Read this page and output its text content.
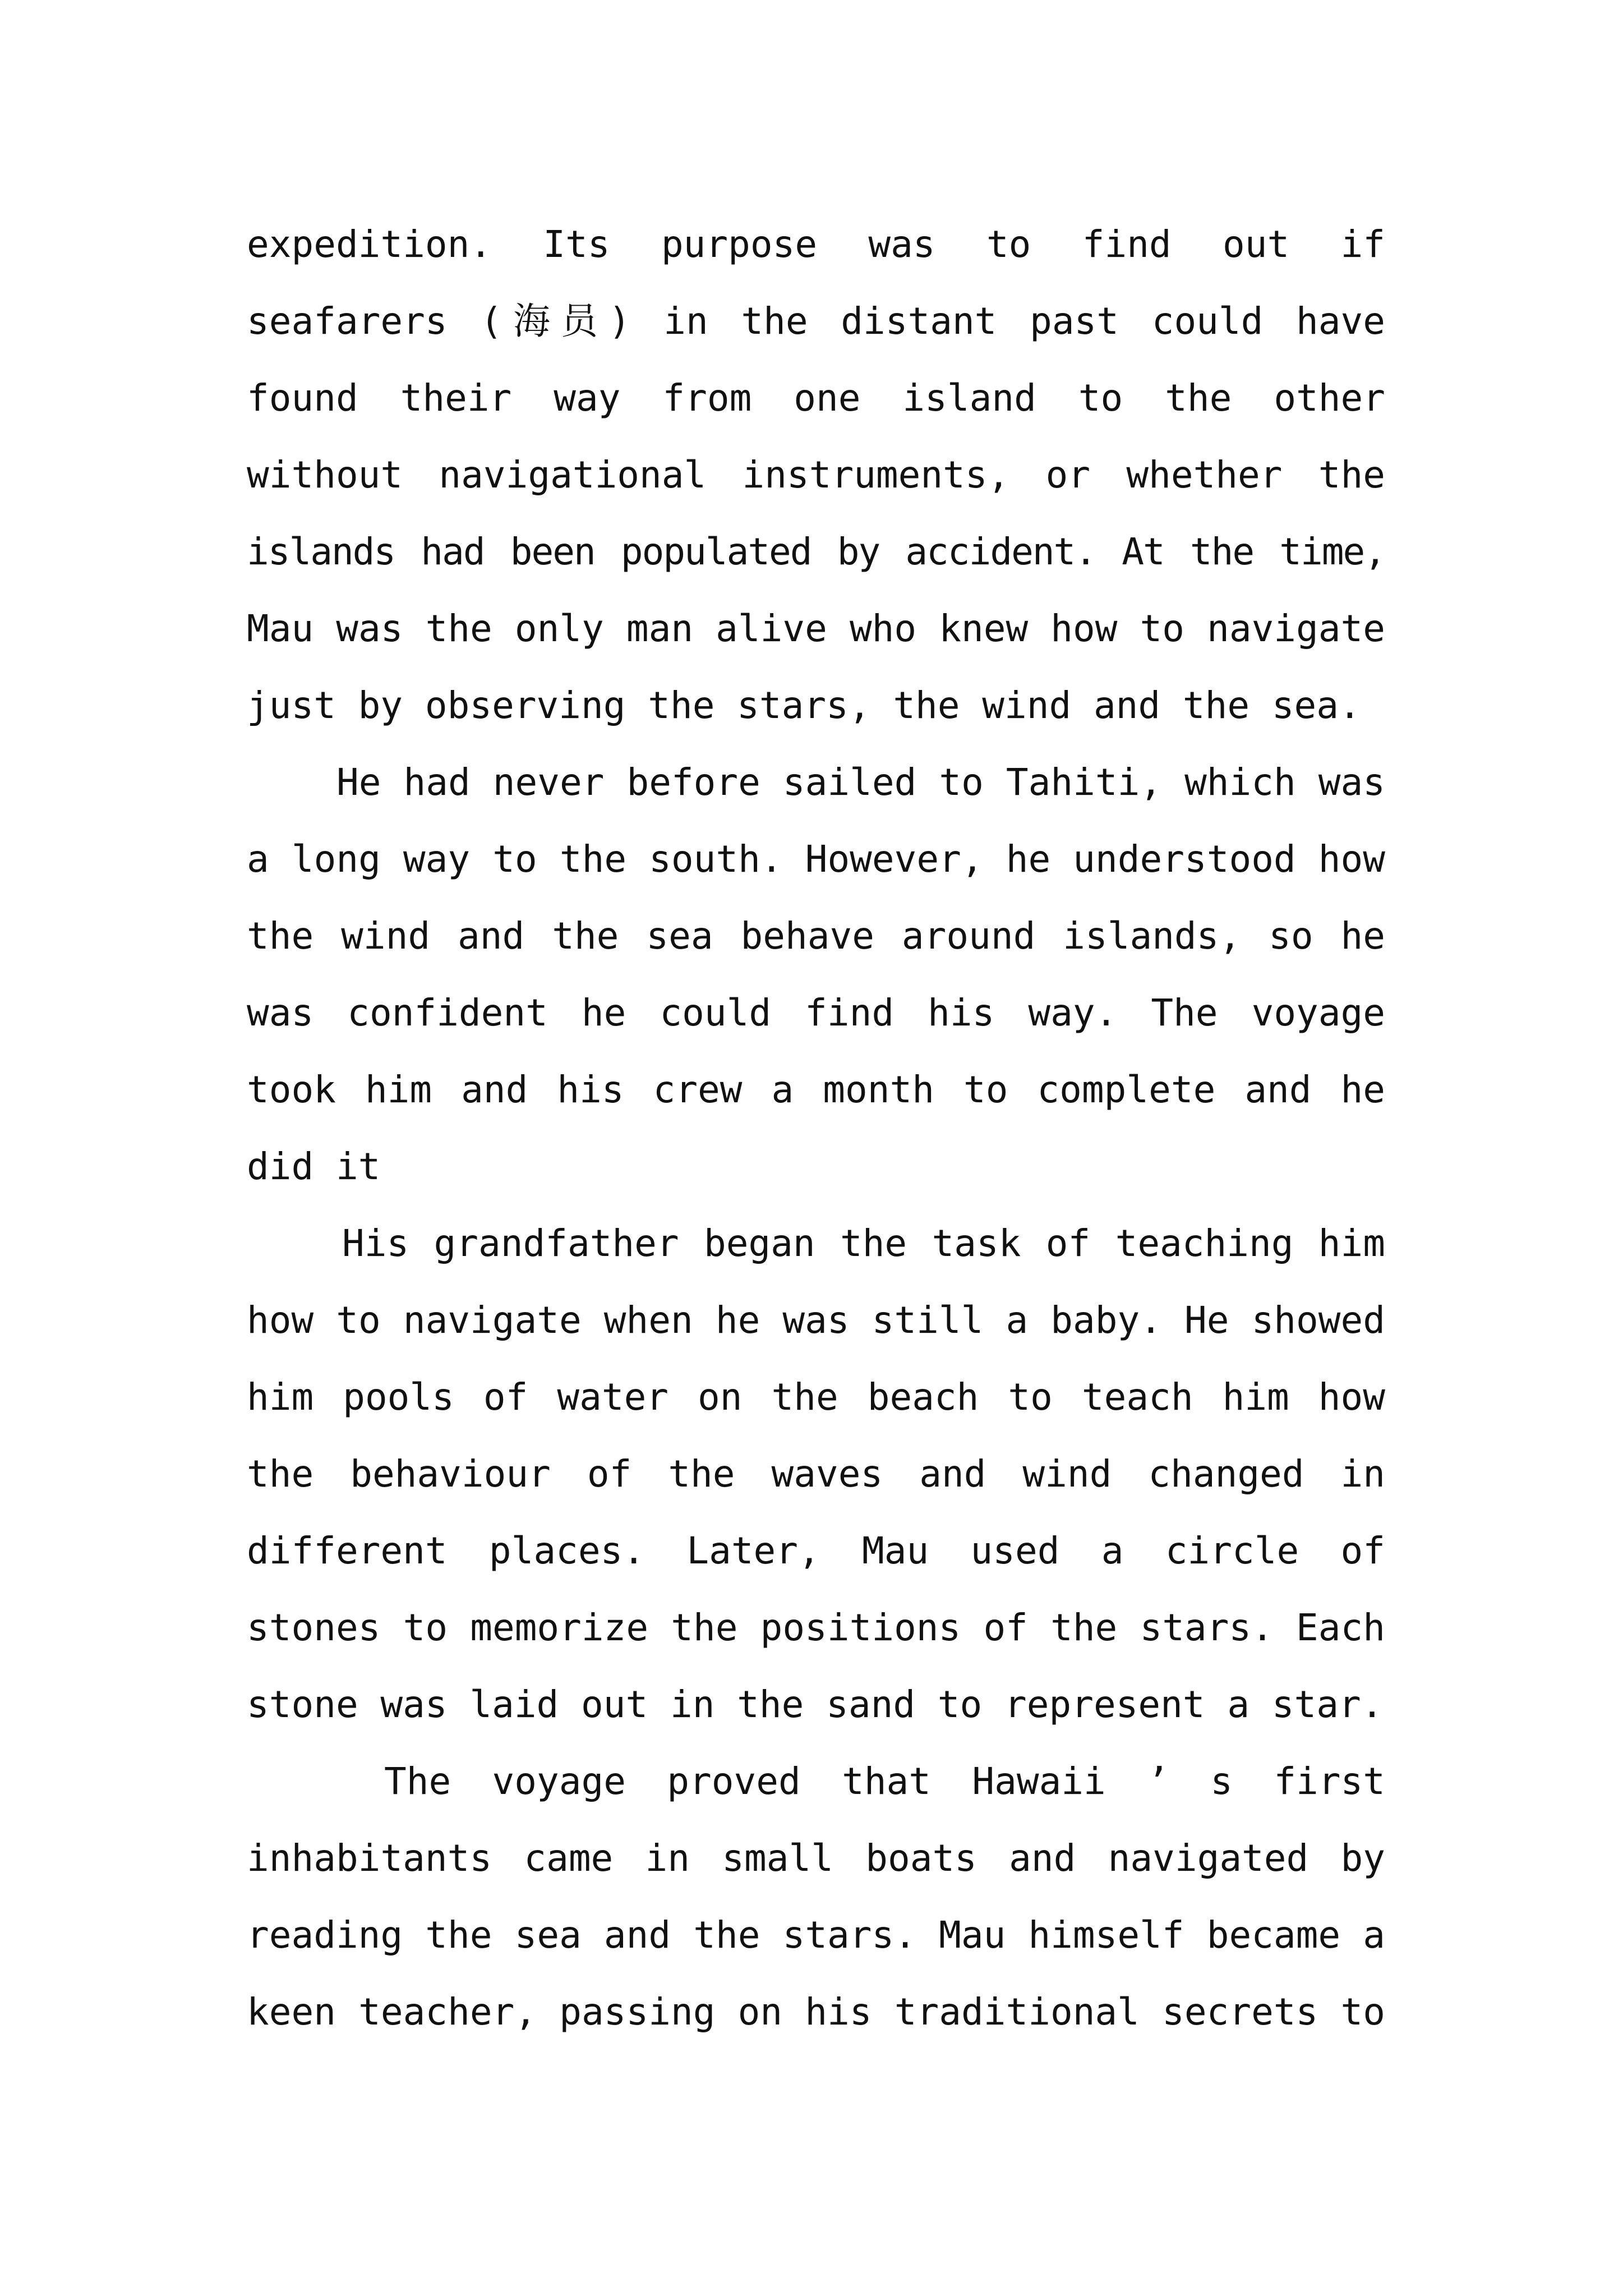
expedition. Its purpose was to find out if
seafarers (海员) in the distant past could have
found their way from one island to the other
without navigational instruments, or whether the
islands had been populated by accident. At the time,
Mau was the only man alive who knew how to navigate
just by observing the stars, the wind and the sea.
He had never before sailed to Tahiti, which was
a long way to the south. However, he understood how
the wind and the sea behave around islands, so he
was confident he could find his way. The voyage
took him and his crew a month to complete and he
did it
His grandfather began the task of teaching him
how to navigate when he was still a baby. He showed
him pools of water on the beach to teach him how
the behaviour of the waves and wind changed in
different places. Later, Mau used a circle of
stones to memorize the positions of the stars. Each
stone was laid out in the sand to represent a star.
The voyage proved that Hawaii ’ s first
inhabitants came in small boats and navigated by
reading the sea and the stars. Mau himself became a
keen teacher, passing on his traditional secrets to
